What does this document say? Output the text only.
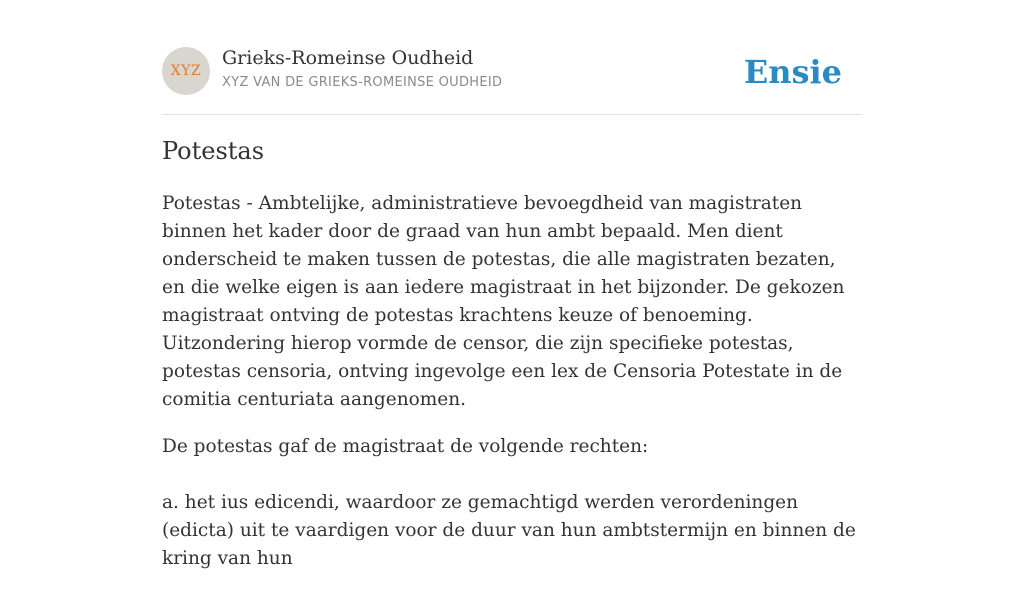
XYZ
Grieks-Romeinse Oudheid
XYZ VAN DE GRIEKS-ROMEINSE OUDHEID	Ensie
Potestas

Potestas - Ambtelijke, administratieve bevoegdheid van magistraten binnen het kader door de graad van hun ambt bepaald. Men dient onderscheid te maken tussen de potestas, die alle magistraten bezaten, en die welke eigen is aan iedere magistraat in het bijzonder. De gekozen magistraat ontving de potestas krachtens keuze of benoeming. Uitzondering hierop vormde de censor, die zijn specifieke potestas, potestas censoria, ontving ingevolge een lex de Censoria Potestate in de comitia centuriata aangenomen.

De potestas gaf de magistraat de volgende rechten:

a. het ius edicendi, waardoor ze gemachtigd werden verordeningen (edicta) uit te vaardigen voor de duur van hun ambtstermijn en binnen de kring van hun
